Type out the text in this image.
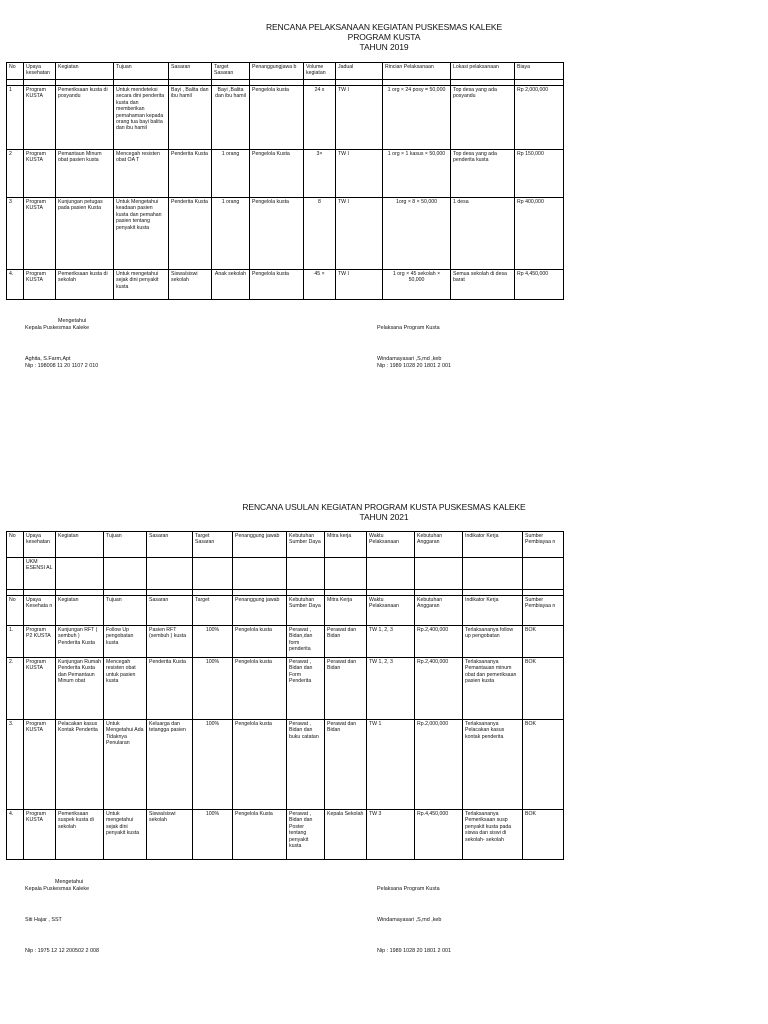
RENCANA PELAKSANAAN KEGIATAN PUSKESMAS KALEKE
PROGRAM KUSTA
TAHUN 2019
No	Upaya kesehatan	Kegiatan	Tujuan	Sasaran	Target Sasaran	Penanggungjawa b	Volume kegiatan	Jadual	Rincian Pelaksanaan	Lokasi pelaksanaan	Biaya

1	Program KUSTA	Pemeriksaan kusta di posyandu	Untuk mendeteksi secara dini penderita kusta dan memberikan pemahaman kepada orang tua bayi balita dan ibu hamil	Bayi , Balita dan ibu hamil	Bayi ,Balita dan ibu hamil	Pengelola kusta	24 x	TW I	1 org × 24 posy = 50,000	Top desa yang ada posyandu	Rp 2,000,000
2	Program KUSTA	Pemantaun Minum obat pasien kusta	Mencegah resisten obat OA T	Penderita Kusta	1 orang	Pengelola Kusta	3×	TW I	1 org × 1 kasus × 50,000	Top desa yang ada penderita kusta	Rp 150,000
3	Program KUSTA	Kunjungan petugas pada pasien Kusta	Untuk Mengetahui keadaan pasien kusta dan pemahan pasien tentang penyakit kusta	Penderita Kusta	1 orang	Pengelola kusta	8	TW I	1org × 8 × 50,000	1 desa	Rp 400,000
4.	Program KUSTA	Pemeriksaan kusta di sekolah	Untuk mengetahui sejak dini penyakit kusta	Siswa/siswi sekolah	Anak sekolah	Pengelola kusta	45 ×	TW I	1 org × 45 sekolah × 50,000	Semua sekolah di desa barat	Rp 4,450,000
Mengetahui
Kepala Puskesmas Kaleke
Aghita, S.Farm,Apt
Nip : 198008 11 20 1107 2 010
Pelaksana Program Kusta
Windamayasari ,S,md ,keb
Nip : 1989 1028 20 1801 2 001
RENCANA USULAN KEGIATAN PROGRAM KUSTA PUSKESMAS KALEKE
TAHUN 2021
No	Upaya kesehatan	Kegiatan	Tujuan	Sasaran	Target Sasaran	Penanggung jawab	Kebutuhan Sumber Daya	Mitra kerja	Waktu Pelaksanaan	Kebutuhan Anggaran	Indikator Kerja	Sumber Pembiayaa n
	UKM ESENSI AL											

No	Upaya Kesehata n	Kegiatan	Tujuan	Sasaran	Target	Penanggung jawab	Kebutuhan Sumber Daya	Mitra Kerja	Waktu Pelaksanaan	Kebutuhan Anggaran	Indikator Kerja	Sumber Pembiayaa n
1.	Program P2 KUSTA	Kunjungan RFT ( sembuh ) Penderita Kusta	Follow Up pengobatan kusta	Pasien RFT (sembuh ) kusta	100%	Pengelola kusta	Perawat , Bidan,dan form penderita	Perawat dan Bidan	TW 1, 2, 3	Rp.2,400,000	Terlaksananya follow up pengobatan	BOK
2.	Program KUSTA	Kunjungan Rumah Penderita Kusta dan Pemantaun Minum obat	Mencegah resisten obat untuk pasien kusta	Penderita Kusta	100%	Pengelola kusta	Perawat , Bidan dan Form Penderita	Perawat dan Bidan	TW 1, 2, 3	Rp.2,400,000	Terlaksananya Pemantauan minum obat dan pemeriksaan pasien kusta	BOK
3.	Program KUSTA	Pelacakan kasus Kontak Penderita	Untuk Mengetahui Ada Tidaknya Penularan	Keluarga dan tetangga pasien	100%	Pengelola kusta	Perawat , Bidan dan buku catatan	Perawat dan Bidan	TW 1	Rp.2,000,000	Terlaksananya Pelacakan kasus kontak penderita	BOK
4.	Program KUSTA	Pemeriksaan suspek kusta di sekolah	Untuk mengetahui sejak dini penyakit kusta	Siswa/siswi sekolah	100%	Pengelola Kusta	Perawat , Bidan dan Poster tentang penyakit kusta	Kepala Sekolah	TW 3	Rp.4,450,000	Terlaksananya Pemeriksaan susp penyakit kusta pada siswa dan siswi di sekolah- sekolah	BOK
Mengetahui
Kepala Puskesmas Kaleke
Siti Hajar , SST
Nip : 1975 12 12 200502 2 008
Pelaksana Program Kusta
Windamayasari ,S,md ,keb
Nip : 1989 1028 20 1801 2 001
